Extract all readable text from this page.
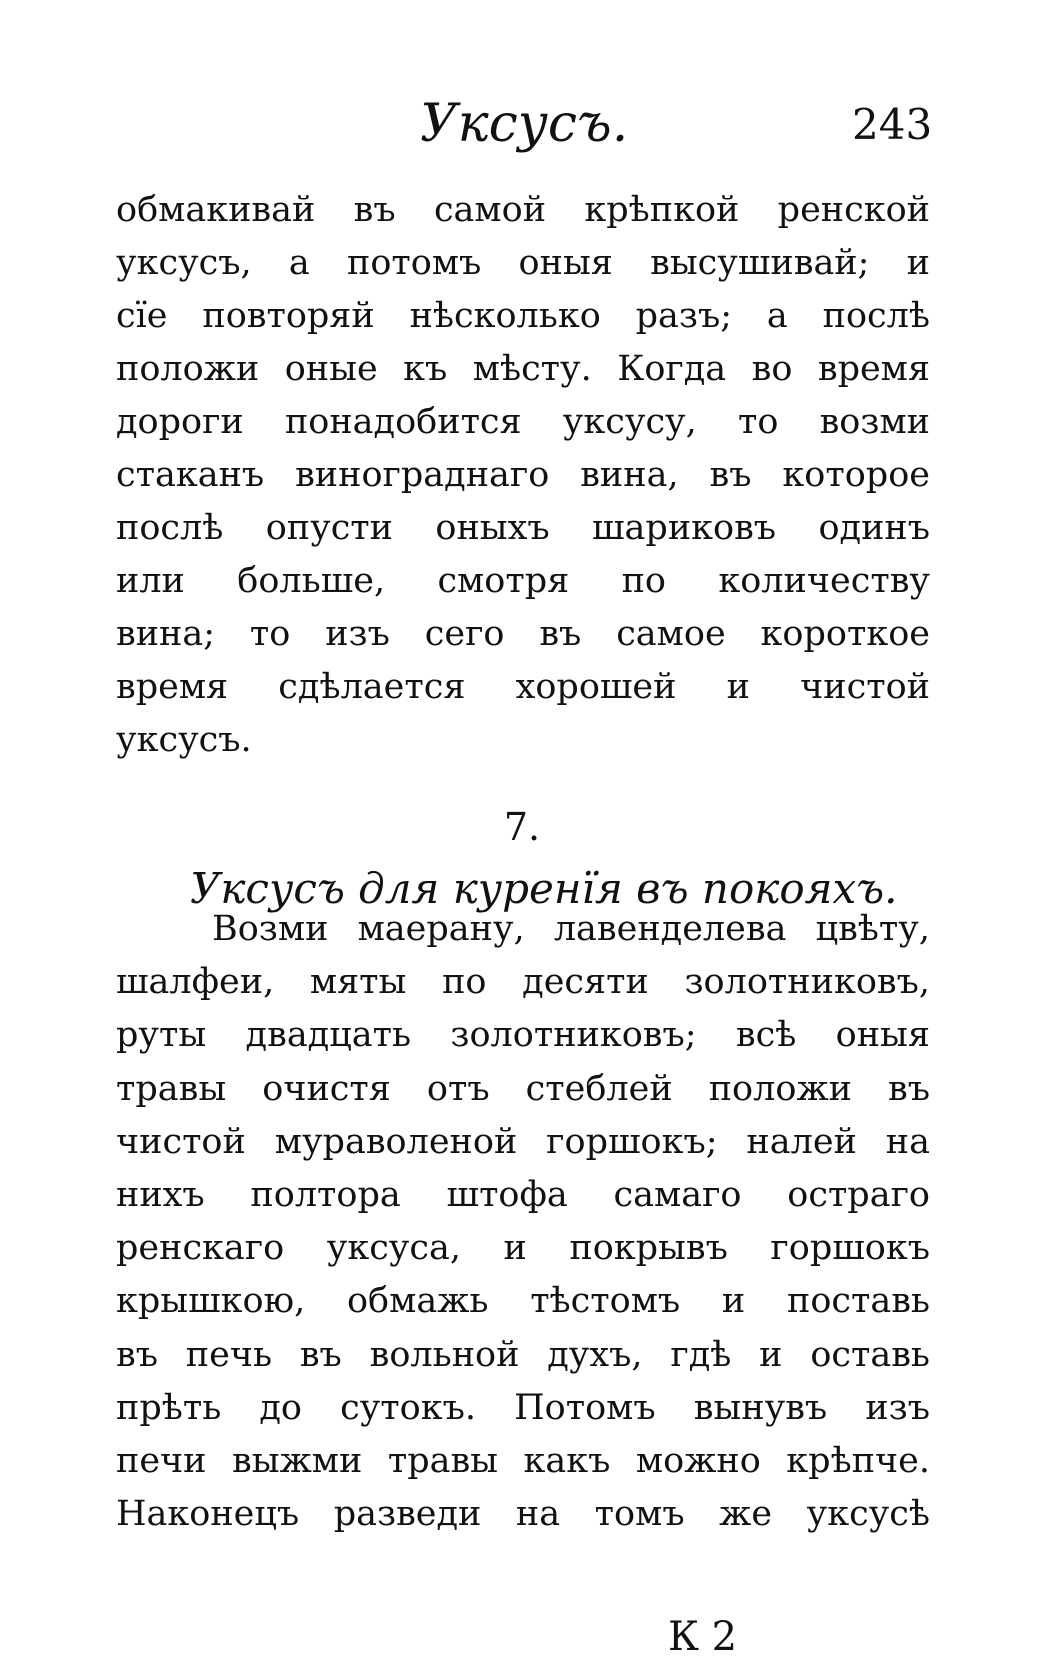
Уксусъ.	243
обмакивай въ самой крѣпкой ренской
уксусъ, а потомъ оныя высушивай; и
сïе повторяй нѣсколько разъ; а послѣ
положи оные къ мѣсту. Когда во время
дороги понадобится уксусу, то возми
стаканъ винограднаго вина, въ которое
послѣ опусти оныхъ шариковъ одинъ
или больше, смотря по количеству
вина; то изъ сего въ самое короткое
время сдѣлается хорошей и чистой
уксусъ.
7.
Уксусъ для куренïя въ покояхъ.
Возми маерану, лавенделева цвѣту,
шалфеи, мяты по десяти золотниковъ,
руты двадцать золотниковъ; всѣ оныя
травы очистя отъ стеблей положи въ
чистой мураволеной горшокъ; налей на
нихъ полтора штофа самаго остраго
ренскаго уксуса, и покрывъ горшокъ
крышкою, обмажь тѣстомъ и поставь
въ печь въ вольной духъ, гдѣ и оставь
прѣть до сутокъ. Потомъ вынувъ изъ
печи выжми травы какъ можно крѣпче.
Наконецъ разведи на томъ же уксусѣ
К 2
